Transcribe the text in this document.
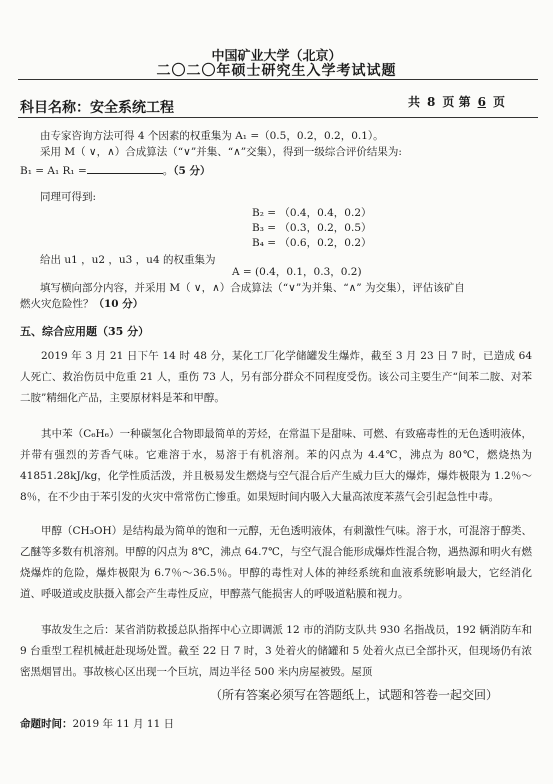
中国矿业大学（北京）
二〇二〇年硕士研究生入学考试试题
科目名称：安全系统工程	共 8 页 第 6 页
由专家咨询方法可得 4 个因素的权重集为 A₁ =（0.5，0.2，0.2，0.1）。
采用 M（ ∨，∧）合成算法（“∨”并集、“∧”交集），得到一级综合评价结果为:
B₁ = A₁ R₁ =	。（5 分）
同理可得到:
B₂ = （0.4，0.4，0.2）
B₃ = （0.3，0.2，0.5）
B₄ = （0.6，0.2，0.2）
给出 u1 ，u2 ，u3 ，u4 的权重集为
A = (0.4，0.1，0.3，0.2)
填写横向部分内容，并采用 M（ ∨，∧）合成算法（“∨”为并集、“∧” 为交集），评估该矿自
燃火灾危险性？（10 分）
五、综合应用题（35 分）
2019 年 3 月 21 日下午 14 时 48 分，某化工厂化学储罐发生爆炸，截至 3 月 23 日 7 时，已造成 64 人死亡、救治伤员中危重 21 人，重伤 73 人，另有部分群众不同程度受伤。该公司主要生产“间苯二胺、对苯二胺”精细化产品，主要原材料是苯和甲醇。
其中苯（C₆H₆）一种碳氢化合物即最简单的芳烃，在常温下是甜味、可燃、有致癌毒性的无色透明液体，并带有强烈的芳香气味。它难溶于水，易溶于有机溶剂。苯的闪点为 4.4℃，沸点为 80℃，燃烧热为 41851.28kJ/kg，化学性质活泼，并且极易发生燃烧与空气混合后产生威力巨大的爆炸，爆炸极限为 1.2％～8％，在不少由于苯引发的火灾中常常伤亡惨重。如果短时间内吸入大量高浓度苯蒸气会引起急性中毒。
甲醇（CH₃OH）是结构最为简单的饱和一元醇，无色透明液体，有刺激性气味。溶于水，可混溶于醇类、乙醚等多数有机溶剂。甲醇的闪点为 8℃，沸点 64.7℃，与空气混合能形成爆炸性混合物，遇热源和明火有燃烧爆炸的危险，爆炸极限为 6.7％～36.5％。甲醇的毒性对人体的神经系统和血液系统影响最大，它经消化道、呼吸道或皮肤摄入都会产生毒性反应，甲醇蒸气能损害人的呼吸道粘膜和视力。
事故发生之后：某省消防救援总队指挥中心立即调派 12 市的消防支队共 930 名指战员，192 辆消防车和 9 台重型工程机械赶赴现场处置。截至 22 日 7 时，3 处着火的储罐和 5 处着火点已全部扑灭，但现场仍有浓密黑烟冒出。事故核心区出现一个巨坑，周边半径 500 米内房屋被毁。屋顶
（所有答案必须写在答题纸上，试题和答卷一起交回）
命题时间：2019 年 11 月 11 日
